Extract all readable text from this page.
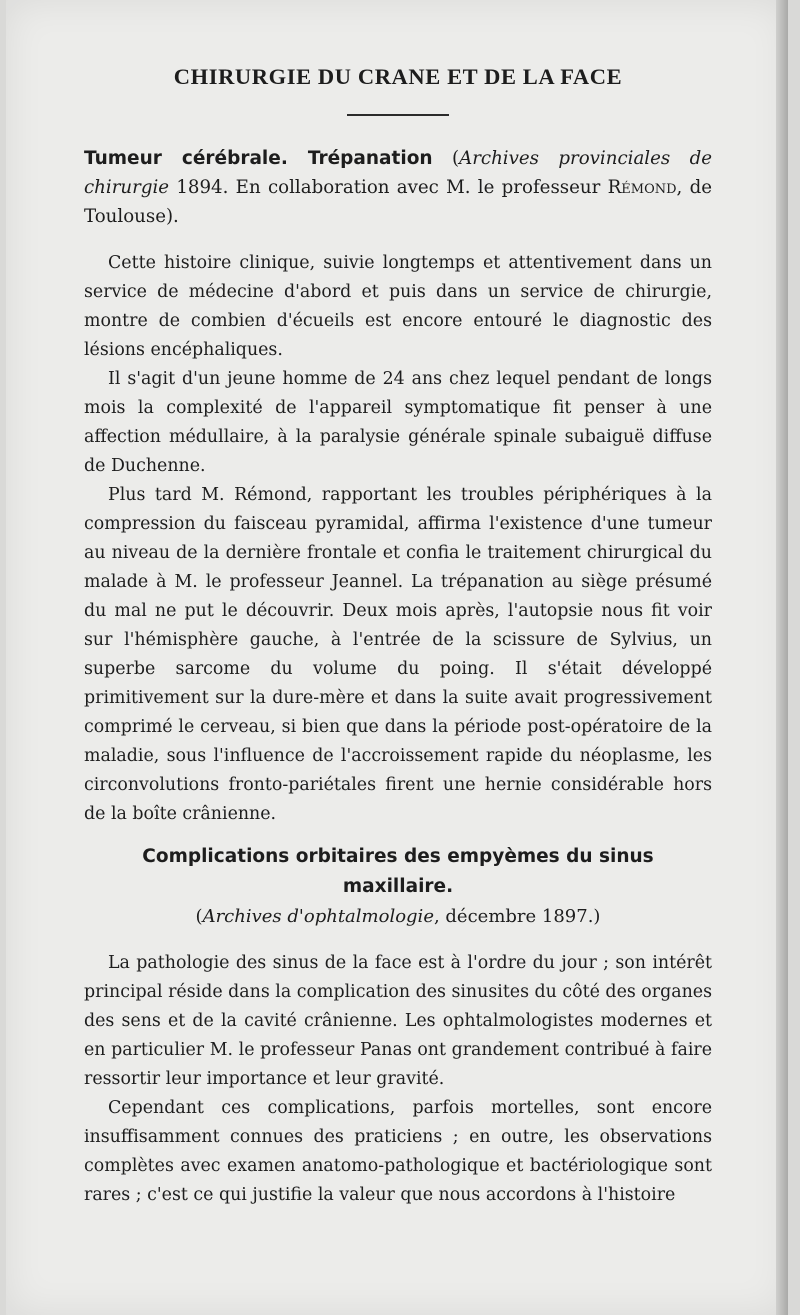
CHIRURGIE DU CRANE ET DE LA FACE

Tumeur cérébrale. Trépanation (Archives provinciales de chirurgie 1894. En collaboration avec M. le professeur Rémond, de Toulouse).

Cette histoire clinique, suivie longtemps et attentivement dans un service de médecine d'abord et puis dans un service de chirurgie, montre de combien d'écueils est encore entouré le diagnostic des lésions encéphaliques.

Il s'agit d'un jeune homme de 24 ans chez lequel pendant de longs mois la complexité de l'appareil symptomatique fit penser à une affection médullaire, à la paralysie générale spinale subaiguë diffuse de Duchenne.

Plus tard M. Rémond, rapportant les troubles périphériques à la compression du faisceau pyramidal, affirma l'existence d'une tumeur au niveau de la dernière frontale et confia le traitement chirurgical du malade à M. le professeur Jeannel. La trépanation au siège présumé du mal ne put le découvrir. Deux mois après, l'autopsie nous fit voir sur l'hémisphère gauche, à l'entrée de la scissure de Sylvius, un superbe sarcome du volume du poing. Il s'était développé primitivement sur la dure-mère et dans la suite avait progressivement comprimé le cerveau, si bien que dans la période post-opératoire de la maladie, sous l'influence de l'accroissement rapide du néoplasme, les circonvolutions fronto-pariétales firent une hernie considérable hors de la boîte crânienne.

Complications orbitaires des empyèmes du sinus maxillaire.

(Archives d'ophtalmologie, décembre 1897.)

La pathologie des sinus de la face est à l'ordre du jour ; son intérêt principal réside dans la complication des sinusites du côté des organes des sens et de la cavité crânienne. Les ophtalmologistes modernes et en particulier M. le professeur Panas ont grandement contribué à faire ressortir leur importance et leur gravité.

Cependant ces complications, parfois mortelles, sont encore insuffisamment connues des praticiens ; en outre, les observations complètes avec examen anatomo-pathologique et bactériologique sont rares ; c'est ce qui justifie la valeur que nous accordons à l'histoire
